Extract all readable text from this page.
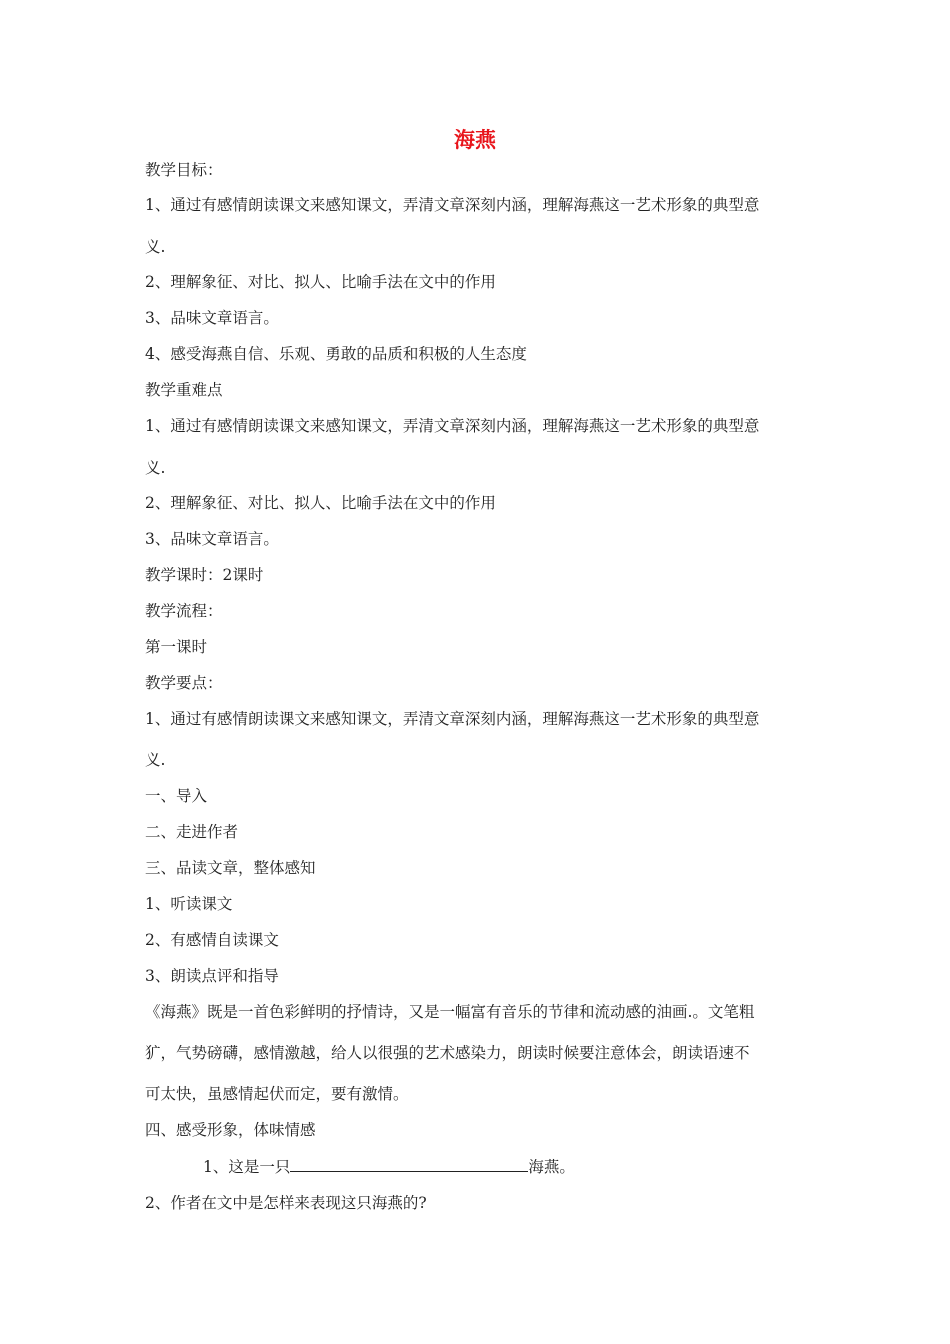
海燕
教学目标：
1、通过有感情朗读课文来感知课文，弄清文章深刻内涵，理解海燕这一艺术形象的典型意
义.
2、理解象征、对比、拟人、比喻手法在文中的作用
3、品味文章语言。
4、感受海燕自信、乐观、勇敢的品质和积极的人生态度
教学重难点
1、通过有感情朗读课文来感知课文，弄清文章深刻内涵，理解海燕这一艺术形象的典型意
义.
2、理解象征、对比、拟人、比喻手法在文中的作用
3、品味文章语言。
教学课时：2课时
教学流程：
第一课时
教学要点：
1、通过有感情朗读课文来感知课文，弄清文章深刻内涵，理解海燕这一艺术形象的典型意
义.
一、导入
二、走进作者
三、品读文章，整体感知
1、听读课文
2、有感情自读课文
3、朗读点评和指导
《海燕》既是一首色彩鲜明的抒情诗，又是一幅富有音乐的节律和流动感的油画.。文笔粗
犷，气势磅礴，感情激越，给人以很强的艺术感染力，朗读时候要注意体会，朗读语速不
可太快，虽感情起伏而定，要有激情。
四、感受形象，体味情感
1、这是一只	海燕。
2、作者在文中是怎样来表现这只海燕的?
